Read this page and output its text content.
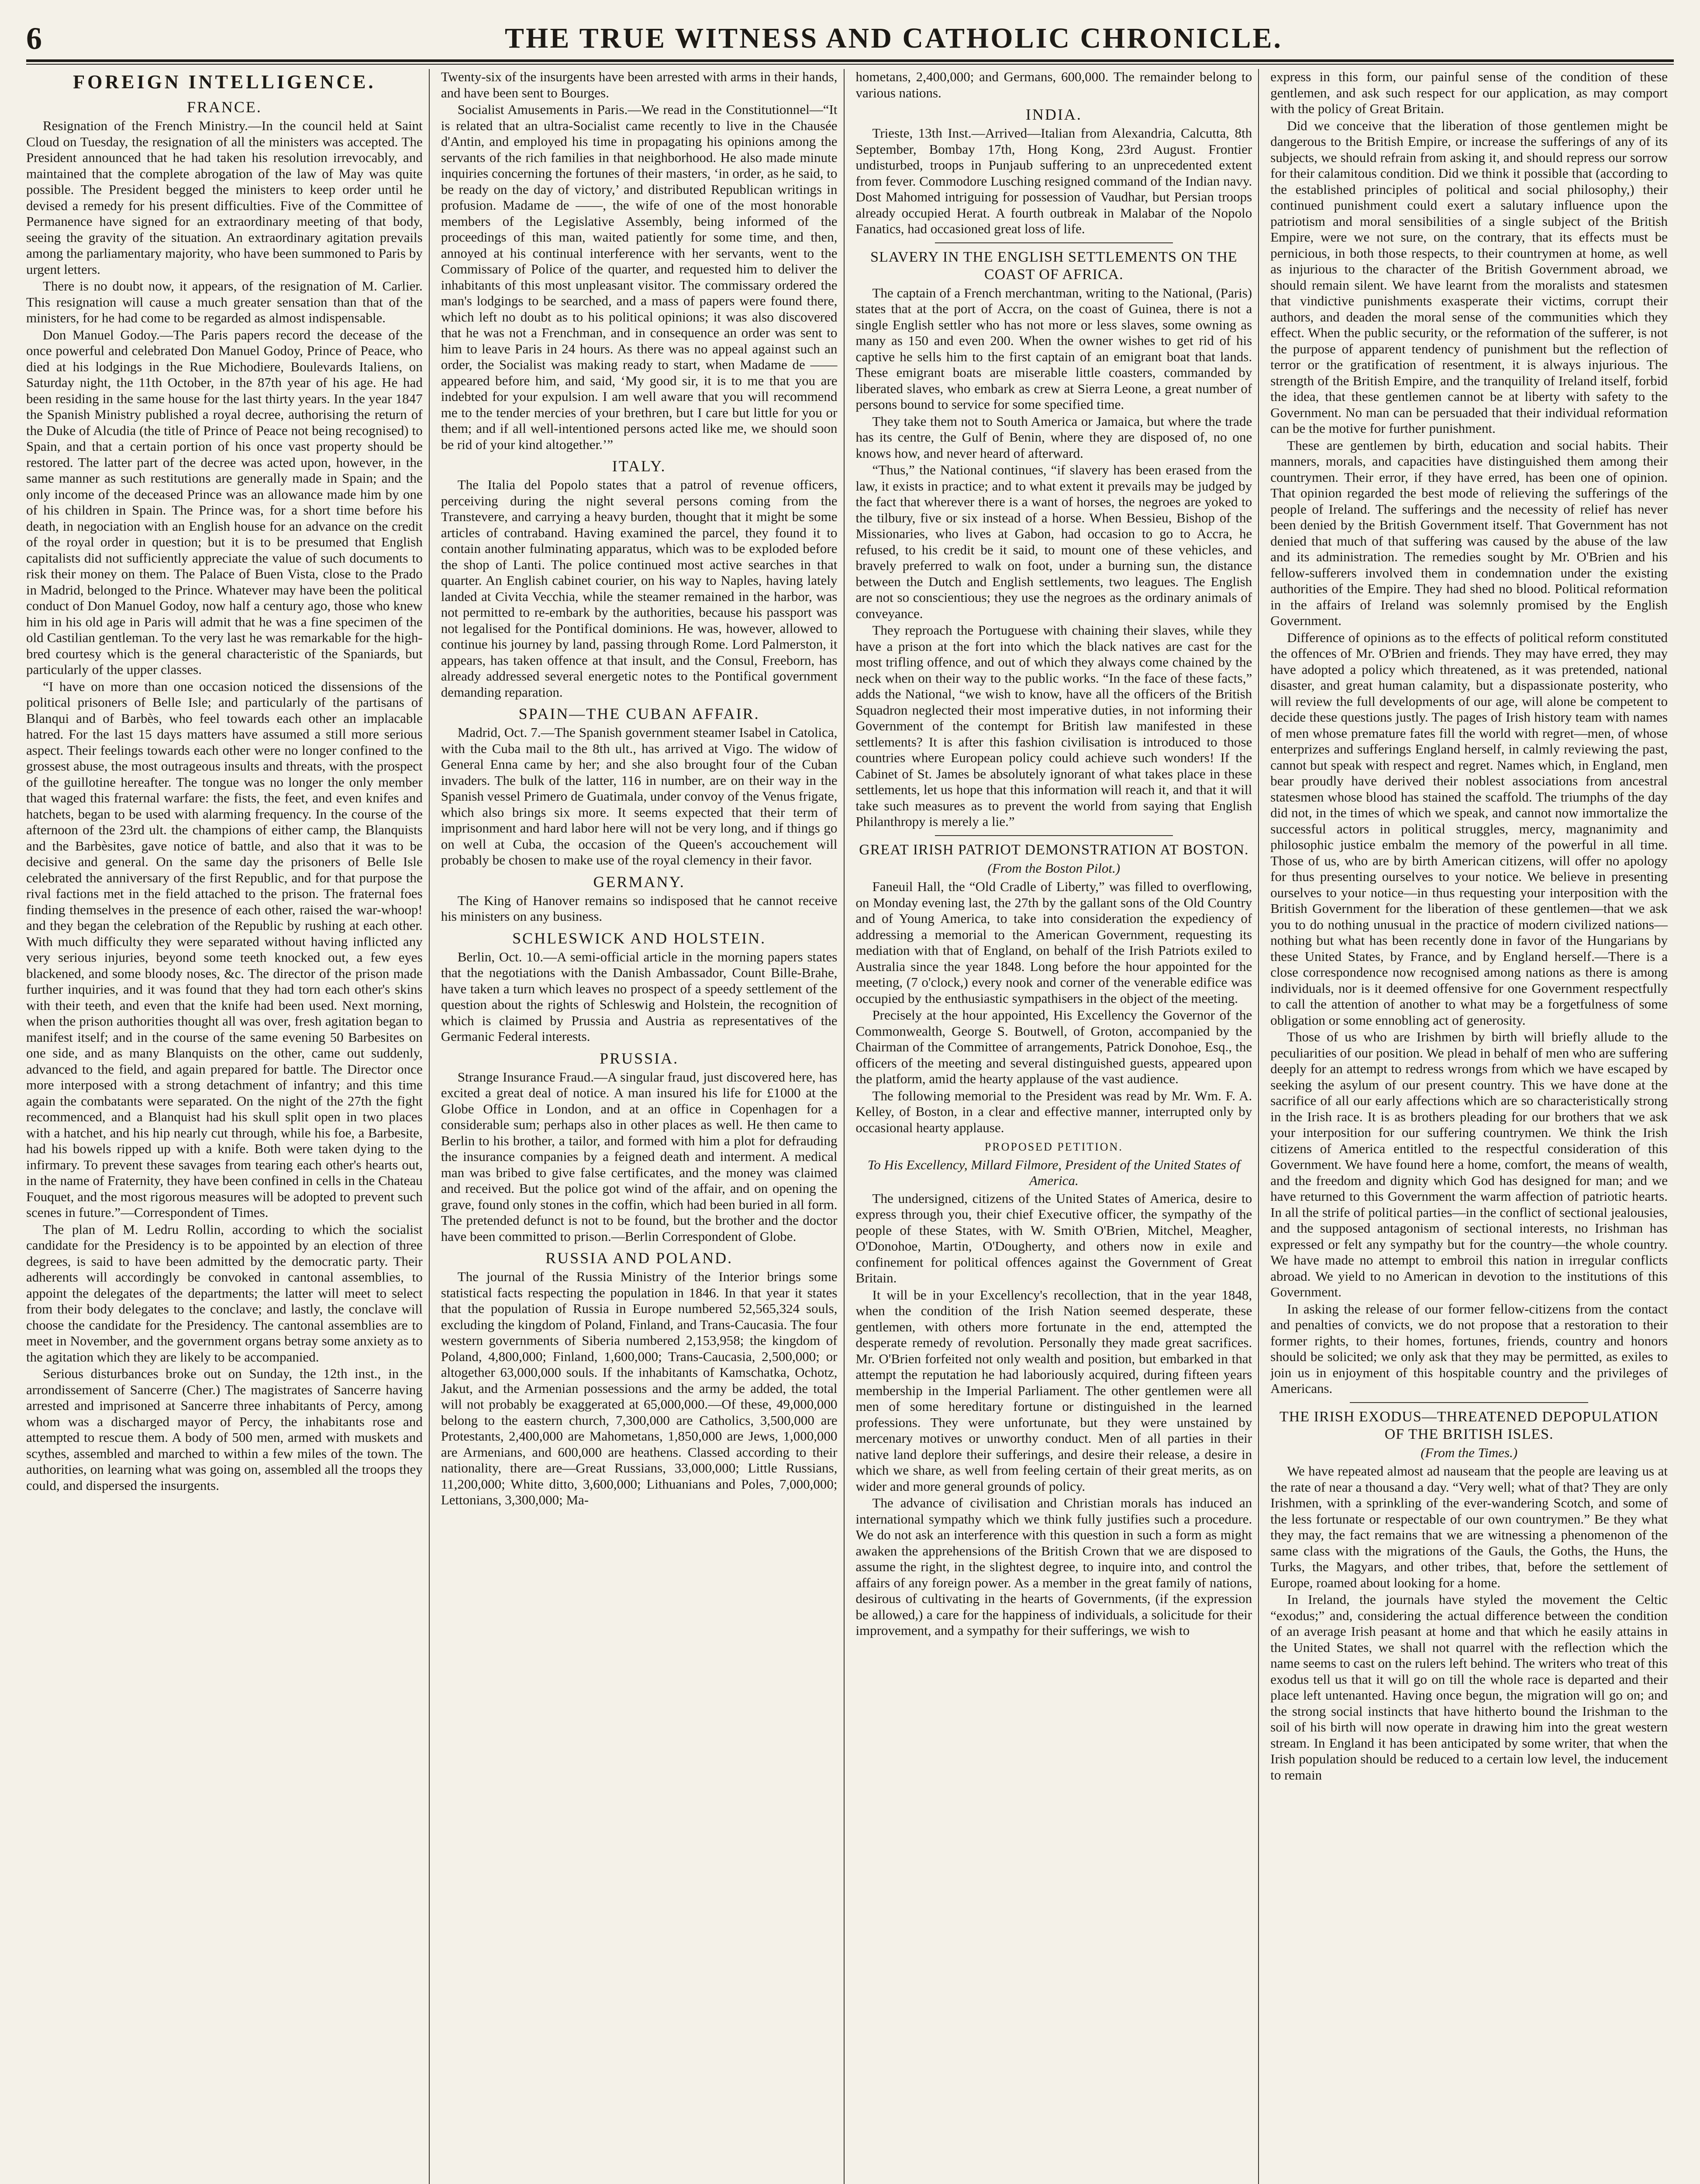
6	THE TRUE WITNESS AND CATHOLIC CHRONICLE.
FOREIGN INTELLIGENCE.
FRANCE.

Resignation of the French Ministry.—In the council held at Saint Cloud on Tuesday, the resignation of all the ministers was accepted. The President announced that he had taken his resolution irrevocably, and maintained that the complete abrogation of the law of May was quite possible. The President begged the ministers to keep order until he devised a remedy for his present difficulties. Five of the Committee of Permanence have signed for an extraordinary meeting of that body, seeing the gravity of the situation. An extraordinary agitation prevails among the parliamentary majority, who have been summoned to Paris by urgent letters.

There is no doubt now, it appears, of the resignation of M. Carlier. This resignation will cause a much greater sensation than that of the ministers, for he had come to be regarded as almost indispensable.

Don Manuel Godoy.—The Paris papers record the decease of the once powerful and celebrated Don Manuel Godoy, Prince of Peace, who died at his lodgings in the Rue Michodiere, Boulevards Italiens, on Saturday night, the 11th October, in the 87th year of his age. He had been residing in the same house for the last thirty years. In the year 1847 the Spanish Ministry published a royal decree, authorising the return of the Duke of Alcudia (the title of Prince of Peace not being recognised) to Spain, and that a certain portion of his once vast property should be restored. The latter part of the decree was acted upon, however, in the same manner as such restitutions are generally made in Spain; and the only income of the deceased Prince was an allowance made him by one of his children in Spain. The Prince was, for a short time before his death, in negociation with an English house for an advance on the credit of the royal order in question; but it is to be presumed that English capitalists did not sufficiently appreciate the value of such documents to risk their money on them. The Palace of Buen Vista, close to the Prado in Madrid, belonged to the Prince. Whatever may have been the political conduct of Don Manuel Godoy, now half a century ago, those who knew him in his old age in Paris will admit that he was a fine specimen of the old Castilian gentleman. To the very last he was remarkable for the high-bred courtesy which is the general characteristic of the Spaniards, but particularly of the upper classes.

“I have on more than one occasion noticed the dissensions of the political prisoners of Belle Isle; and particularly of the partisans of Blanqui and of Barbès, who feel towards each other an implacable hatred. For the last 15 days matters have assumed a still more serious aspect. Their feelings towards each other were no longer confined to the grossest abuse, the most outrageous insults and threats, with the prospect of the guillotine hereafter. The tongue was no longer the only member that waged this fraternal warfare: the fists, the feet, and even knifes and hatchets, began to be used with alarming frequency. In the course of the afternoon of the 23rd ult. the champions of either camp, the Blanquists and the Barbèsites, gave notice of battle, and also that it was to be decisive and general. On the same day the prisoners of Belle Isle celebrated the anniversary of the first Republic, and for that purpose the rival factions met in the field attached to the prison. The fraternal foes finding themselves in the presence of each other, raised the war-whoop! and they began the celebration of the Republic by rushing at each other. With much difficulty they were separated without having inflicted any very serious injuries, beyond some teeth knocked out, a few eyes blackened, and some bloody noses, &c. The director of the prison made further inquiries, and it was found that they had torn each other's skins with their teeth, and even that the knife had been used. Next morning, when the prison authorities thought all was over, fresh agitation began to manifest itself; and in the course of the same evening 50 Barbesites on one side, and as many Blanquists on the other, came out suddenly, advanced to the field, and again prepared for battle. The Director once more interposed with a strong detachment of infantry; and this time again the combatants were separated. On the night of the 27th the fight recommenced, and a Blanquist had his skull split open in two places with a hatchet, and his hip nearly cut through, while his foe, a Barbesite, had his bowels ripped up with a knife. Both were taken dying to the infirmary. To prevent these savages from tearing each other's hearts out, in the name of Fraternity, they have been confined in cells in the Chateau Fouquet, and the most rigorous measures will be adopted to prevent such scenes in future.”—Correspondent of Times.

The plan of M. Ledru Rollin, according to which the socialist candidate for the Presidency is to be appointed by an election of three degrees, is said to have been admitted by the democratic party. Their adherents will accordingly be convoked in cantonal assemblies, to appoint the delegates of the departments; the latter will meet to select from their body delegates to the conclave; and lastly, the conclave will choose the candidate for the Presidency. The cantonal assemblies are to meet in November, and the government organs betray some anxiety as to the agitation which they are likely to be accompanied.

Serious disturbances broke out on Sunday, the 12th inst., in the arrondissement of Sancerre (Cher.) The magistrates of Sancerre having arrested and imprisoned at Sancerre three inhabitants of Percy, among whom was a discharged mayor of Percy, the inhabitants rose and attempted to rescue them. A body of 500 men, armed with muskets and scythes, assembled and marched to within a few miles of the town. The authorities, on learning what was going on, assembled all the troops they could, and dispersed the insurgents.

Twenty-six of the insurgents have been arrested with arms in their hands, and have been sent to Bourges.

Socialist Amusements in Paris.—We read in the Constitutionnel—“It is related that an ultra-Socialist came recently to live in the Chausée d'Antin, and employed his time in propagating his opinions among the servants of the rich families in that neighborhood. He also made minute inquiries concerning the fortunes of their masters, ‘in order, as he said, to be ready on the day of victory,’ and distributed Republican writings in profusion. Madame de ——, the wife of one of the most honorable members of the Legislative Assembly, being informed of the proceedings of this man, waited patiently for some time, and then, annoyed at his continual interference with her servants, went to the Commissary of Police of the quarter, and requested him to deliver the inhabitants of this most unpleasant visitor. The commissary ordered the man's lodgings to be searched, and a mass of papers were found there, which left no doubt as to his political opinions; it was also discovered that he was not a Frenchman, and in consequence an order was sent to him to leave Paris in 24 hours. As there was no appeal against such an order, the Socialist was making ready to start, when Madame de —— appeared before him, and said, ‘My good sir, it is to me that you are indebted for your expulsion. I am well aware that you will recommend me to the tender mercies of your brethren, but I care but little for you or them; and if all well-intentioned persons acted like me, we should soon be rid of your kind altogether.’”

ITALY.

The Italia del Popolo states that a patrol of revenue officers, perceiving during the night several persons coming from the Transtevere, and carrying a heavy burden, thought that it might be some articles of contraband. Having examined the parcel, they found it to contain another fulminating apparatus, which was to be exploded before the shop of Lanti. The police continued most active searches in that quarter. An English cabinet courier, on his way to Naples, having lately landed at Civita Vecchia, while the steamer remained in the harbor, was not permitted to re-embark by the authorities, because his passport was not legalised for the Pontifical dominions. He was, however, allowed to continue his journey by land, passing through Rome. Lord Palmerston, it appears, has taken offence at that insult, and the Consul, Freeborn, has already addressed several energetic notes to the Pontifical government demanding reparation.

SPAIN—THE CUBAN AFFAIR.

Madrid, Oct. 7.—The Spanish government steamer Isabel in Catolica, with the Cuba mail to the 8th ult., has arrived at Vigo. The widow of General Enna came by her; and she also brought four of the Cuban invaders. The bulk of the latter, 116 in number, are on their way in the Spanish vessel Primero de Guatimala, under convoy of the Venus frigate, which also brings six more. It seems expected that their term of imprisonment and hard labor here will not be very long, and if things go on well at Cuba, the occasion of the Queen's accouchement will probably be chosen to make use of the royal clemency in their favor.

GERMANY.

The King of Hanover remains so indisposed that he cannot receive his ministers on any business.

SCHLESWICK AND HOLSTEIN.

Berlin, Oct. 10.—A semi-official article in the morning papers states that the negotiations with the Danish Ambassador, Count Bille-Brahe, have taken a turn which leaves no prospect of a speedy settlement of the question about the rights of Schleswig and Holstein, the recognition of which is claimed by Prussia and Austria as representatives of the Germanic Federal interests.

PRUSSIA.

Strange Insurance Fraud.—A singular fraud, just discovered here, has excited a great deal of notice. A man insured his life for £1000 at the Globe Office in London, and at an office in Copenhagen for a considerable sum; perhaps also in other places as well. He then came to Berlin to his brother, a tailor, and formed with him a plot for defrauding the insurance companies by a feigned death and interment. A medical man was bribed to give false certificates, and the money was claimed and received. But the police got wind of the affair, and on opening the grave, found only stones in the coffin, which had been buried in all form. The pretended defunct is not to be found, but the brother and the doctor have been committed to prison.—Berlin Correspondent of Globe.

RUSSIA AND POLAND.

The journal of the Russia Ministry of the Interior brings some statistical facts respecting the population in 1846. In that year it states that the population of Russia in Europe numbered 52,565,324 souls, excluding the kingdom of Poland, Finland, and Trans-Caucasia. The four western governments of Siberia numbered 2,153,958; the kingdom of Poland, 4,800,000; Finland, 1,600,000; Trans-Caucasia, 2,500,000; or altogether 63,000,000 souls. If the inhabitants of Kamschatka, Ochotz, Jakut, and the Armenian possessions and the army be added, the total will not probably be exaggerated at 65,000,000.—Of these, 49,000,000 belong to the eastern church, 7,300,000 are Catholics, 3,500,000 are Protestants, 2,400,000 are Mahometans, 1,850,000 are Jews, 1,000,000 are Armenians, and 600,000 are heathens. Classed according to their nationality, there are—Great Russians, 33,000,000; Little Russians, 11,200,000; White ditto, 3,600,000; Lithuanians and Poles, 7,000,000; Lettonians, 3,300,000; Ma-

hometans, 2,400,000; and Germans, 600,000. The remainder belong to various nations.

INDIA.

Trieste, 13th Inst.—Arrived—Italian from Alexandria, Calcutta, 8th September, Bombay 17th, Hong Kong, 23rd August. Frontier undisturbed, troops in Punjaub suffering to an unprecedented extent from fever. Commodore Lusching resigned command of the Indian navy. Dost Mahomed intriguing for possession of Vaudhar, but Persian troops already occupied Herat. A fourth outbreak in Malabar of the Nopolo Fanatics, had occasioned great loss of life.

SLAVERY IN THE ENGLISH SETTLEMENTS ON THE COAST OF AFRICA.

The captain of a French merchantman, writing to the National, (Paris) states that at the port of Accra, on the coast of Guinea, there is not a single English settler who has not more or less slaves, some owning as many as 150 and even 200. When the owner wishes to get rid of his captive he sells him to the first captain of an emigrant boat that lands. These emigrant boats are miserable little coasters, commanded by liberated slaves, who embark as crew at Sierra Leone, a great number of persons bound to service for some specified time.

They take them not to South America or Jamaica, but where the trade has its centre, the Gulf of Benin, where they are disposed of, no one knows how, and never heard of afterward.

“Thus,” the National continues, “if slavery has been erased from the law, it exists in practice; and to what extent it prevails may be judged by the fact that wherever there is a want of horses, the negroes are yoked to the tilbury, five or six instead of a horse. When Bessieu, Bishop of the Missionaries, who lives at Gabon, had occasion to go to Accra, he refused, to his credit be it said, to mount one of these vehicles, and bravely preferred to walk on foot, under a burning sun, the distance between the Dutch and English settlements, two leagues. The English are not so conscientious; they use the negroes as the ordinary animals of conveyance.

They reproach the Portuguese with chaining their slaves, while they have a prison at the fort into which the black natives are cast for the most trifling offence, and out of which they always come chained by the neck when on their way to the public works. “In the face of these facts,” adds the National, “we wish to know, have all the officers of the British Squadron neglected their most imperative duties, in not informing their Government of the contempt for British law manifested in these settlements? It is after this fashion civilisation is introduced to those countries where European policy could achieve such wonders! If the Cabinet of St. James be absolutely ignorant of what takes place in these settlements, let us hope that this information will reach it, and that it will take such measures as to prevent the world from saying that English Philanthropy is merely a lie.”

GREAT IRISH PATRIOT DEMONSTRATION AT BOSTON.
(From the Boston Pilot.)

Faneuil Hall, the “Old Cradle of Liberty,” was filled to overflowing, on Monday evening last, the 27th by the gallant sons of the Old Country and of Young America, to take into consideration the expediency of addressing a memorial to the American Government, requesting its mediation with that of England, on behalf of the Irish Patriots exiled to Australia since the year 1848. Long before the hour appointed for the meeting, (7 o'clock,) every nook and corner of the venerable edifice was occupied by the enthusiastic sympathisers in the object of the meeting.

Precisely at the hour appointed, His Excellency the Governor of the Commonwealth, George S. Boutwell, of Groton, accompanied by the Chairman of the Committee of arrangements, Patrick Donohoe, Esq., the officers of the meeting and several distinguished guests, appeared upon the platform, amid the hearty applause of the vast audience.

The following memorial to the President was read by Mr. Wm. F. A. Kelley, of Boston, in a clear and effective manner, interrupted only by occasional hearty applause.

PROPOSED PETITION.
To His Excellency, Millard Filmore, President of the United States of America.

The undersigned, citizens of the United States of America, desire to express through you, their chief Executive officer, the sympathy of the people of these States, with W. Smith O'Brien, Mitchel, Meagher, O'Donohoe, Martin, O'Dougherty, and others now in exile and confinement for political offences against the Government of Great Britain.

It will be in your Excellency's recollection, that in the year 1848, when the condition of the Irish Nation seemed desperate, these gentlemen, with others more fortunate in the end, attempted the desperate remedy of revolution. Personally they made great sacrifices. Mr. O'Brien forfeited not only wealth and position, but embarked in that attempt the reputation he had laboriously acquired, during fifteen years membership in the Imperial Parliament. The other gentlemen were all men of some hereditary fortune or distinguished in the learned professions. They were unfortunate, but they were unstained by mercenary motives or unworthy conduct. Men of all parties in their native land deplore their sufferings, and desire their release, a desire in which we share, as well from feeling certain of their great merits, as on wider and more general grounds of policy.

The advance of civilisation and Christian morals has induced an international sympathy which we think fully justifies such a procedure. We do not ask an interference with this question in such a form as might awaken the apprehensions of the British Crown that we are disposed to assume the right, in the slightest degree, to inquire into, and control the affairs of any foreign power. As a member in the great family of nations, desirous of cultivating in the hearts of Governments, (if the expression be allowed,) a care for the happiness of individuals, a solicitude for their improvement, and a sympathy for their sufferings, we wish to

express in this form, our painful sense of the condition of these gentlemen, and ask such respect for our application, as may comport with the policy of Great Britain.

Did we conceive that the liberation of those gentlemen might be dangerous to the British Empire, or increase the sufferings of any of its subjects, we should refrain from asking it, and should repress our sorrow for their calamitous condition. Did we think it possible that (according to the established principles of political and social philosophy,) their continued punishment could exert a salutary influence upon the patriotism and moral sensibilities of a single subject of the British Empire, were we not sure, on the contrary, that its effects must be pernicious, in both those respects, to their countrymen at home, as well as injurious to the character of the British Government abroad, we should remain silent. We have learnt from the moralists and statesmen that vindictive punishments exasperate their victims, corrupt their authors, and deaden the moral sense of the communities which they effect. When the public security, or the reformation of the sufferer, is not the purpose of apparent tendency of punishment but the reflection of terror or the gratification of resentment, it is always injurious. The strength of the British Empire, and the tranquility of Ireland itself, forbid the idea, that these gentlemen cannot be at liberty with safety to the Government. No man can be persuaded that their individual reformation can be the motive for further punishment.

These are gentlemen by birth, education and social habits. Their manners, morals, and capacities have distinguished them among their countrymen. Their error, if they have erred, has been one of opinion. That opinion regarded the best mode of relieving the sufferings of the people of Ireland. The sufferings and the necessity of relief has never been denied by the British Government itself. That Government has not denied that much of that suffering was caused by the abuse of the law and its administration. The remedies sought by Mr. O'Brien and his fellow-sufferers involved them in condemnation under the existing authorities of the Empire. They had shed no blood. Political reformation in the affairs of Ireland was solemnly promised by the English Government.

Difference of opinions as to the effects of political reform constituted the offences of Mr. O'Brien and friends. They may have erred, they may have adopted a policy which threatened, as it was pretended, national disaster, and great human calamity, but a dispassionate posterity, who will review the full developments of our age, will alone be competent to decide these questions justly. The pages of Irish history team with names of men whose premature fates fill the world with regret—men, of whose enterprizes and sufferings England herself, in calmly reviewing the past, cannot but speak with respect and regret. Names which, in England, men bear proudly have derived their noblest associations from ancestral statesmen whose blood has stained the scaffold. The triumphs of the day did not, in the times of which we speak, and cannot now immortalize the successful actors in political struggles, mercy, magnanimity and philosophic justice embalm the memory of the powerful in all time. Those of us, who are by birth American citizens, will offer no apology for thus presenting ourselves to your notice. We believe in presenting ourselves to your notice—in thus requesting your interposition with the British Government for the liberation of these gentlemen—that we ask you to do nothing unusual in the practice of modern civilized nations—nothing but what has been recently done in favor of the Hungarians by these United States, by France, and by England herself.—There is a close correspondence now recognised among nations as there is among individuals, nor is it deemed offensive for one Government respectfully to call the attention of another to what may be a forgetfulness of some obligation or some ennobling act of generosity.

Those of us who are Irishmen by birth will briefly allude to the peculiarities of our position. We plead in behalf of men who are suffering deeply for an attempt to redress wrongs from which we have escaped by seeking the asylum of our present country. This we have done at the sacrifice of all our early affections which are so characteristically strong in the Irish race. It is as brothers pleading for our brothers that we ask your interposition for our suffering countrymen. We think the Irish citizens of America entitled to the respectful consideration of this Government. We have found here a home, comfort, the means of wealth, and the freedom and dignity which God has designed for man; and we have returned to this Government the warm affection of patriotic hearts. In all the strife of political parties—in the conflict of sectional jealousies, and the supposed antagonism of sectional interests, no Irishman has expressed or felt any sympathy but for the country—the whole country. We have made no attempt to embroil this nation in irregular conflicts abroad. We yield to no American in devotion to the institutions of this Government.

In asking the release of our former fellow-citizens from the contact and penalties of convicts, we do not propose that a restoration to their former rights, to their homes, fortunes, friends, country and honors should be solicited; we only ask that they may be permitted, as exiles to join us in enjoyment of this hospitable country and the privileges of Americans.

THE IRISH EXODUS—THREATENED DEPOPULATION OF THE BRITISH ISLES.
(From the Times.)

We have repeated almost ad nauseam that the people are leaving us at the rate of near a thousand a day. “Very well; what of that? They are only Irishmen, with a sprinkling of the ever-wandering Scotch, and some of the less fortunate or respectable of our own countrymen.” Be they what they may, the fact remains that we are witnessing a phenomenon of the same class with the migrations of the Gauls, the Goths, the Huns, the Turks, the Magyars, and other tribes, that, before the settlement of Europe, roamed about looking for a home.

In Ireland, the journals have styled the movement the Celtic “exodus;” and, considering the actual difference between the condition of an average Irish peasant at home and that which he easily attains in the United States, we shall not quarrel with the reflection which the name seems to cast on the rulers left behind. The writers who treat of this exodus tell us that it will go on till the whole race is departed and their place left untenanted. Having once begun, the migration will go on; and the strong social instincts that have hitherto bound the Irishman to the soil of his birth will now operate in drawing him into the great western stream. In England it has been anticipated by some writer, that when the Irish population should be reduced to a certain low level, the inducement to remain
